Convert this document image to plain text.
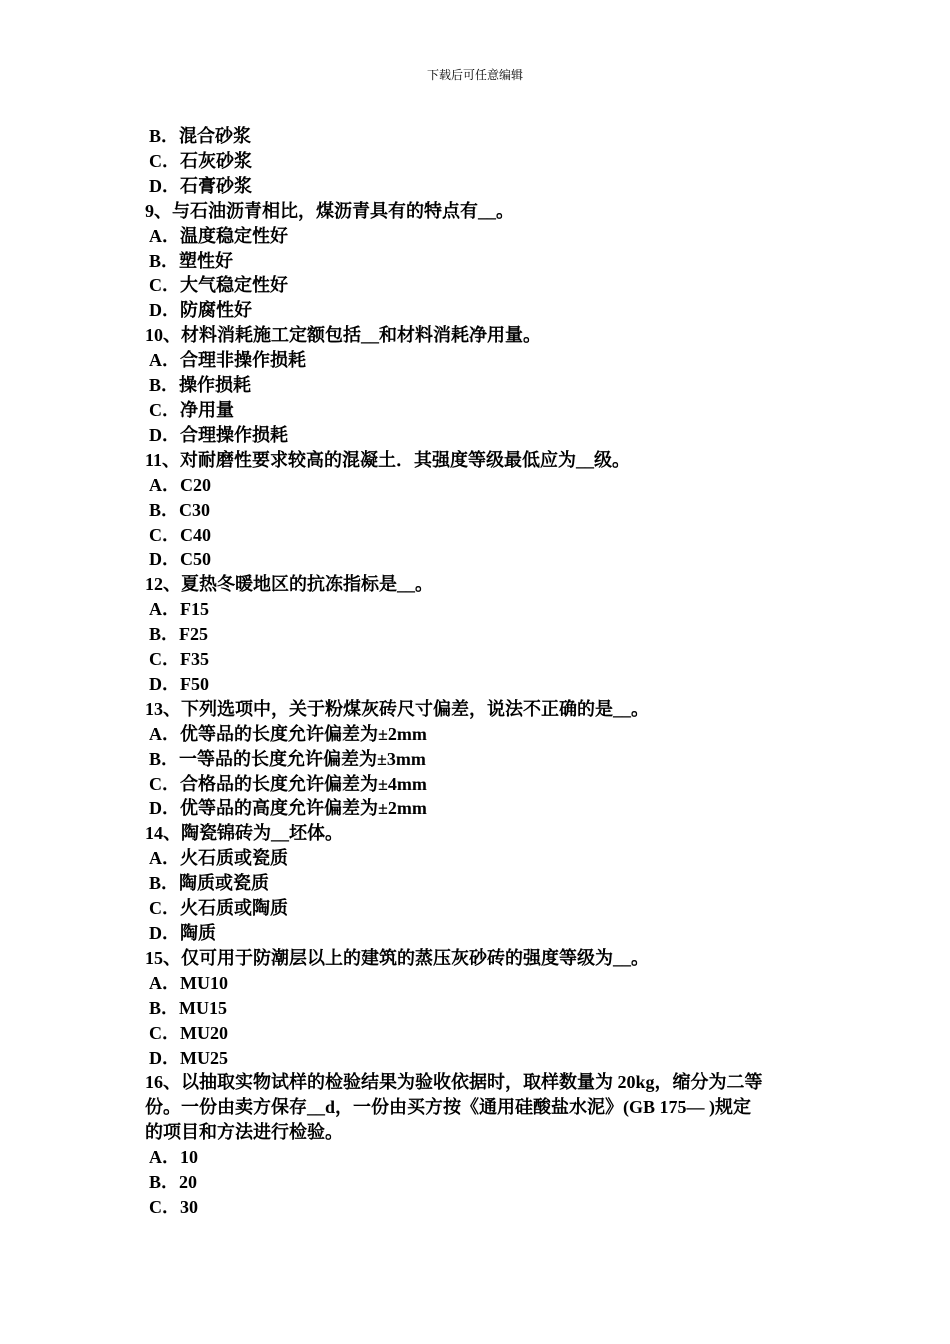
下载后可任意编辑
B．混合砂浆
C．石灰砂浆
D．石膏砂浆
9、与石油沥青相比，煤沥青具有的特点有__。
A．温度稳定性好
B．塑性好
C．大气稳定性好
D．防腐性好
10、材料消耗施工定额包括__和材料消耗净用量。
A．合理非操作损耗
B．操作损耗
C．净用量
D．合理操作损耗
11、对耐磨性要求较高的混凝土．其强度等级最低应为__级。
A．C20
B．C30
C．C40
D．C50
12、夏热冬暖地区的抗冻指标是__。
A．F15
B．F25
C．F35
D．F50
13、下列选项中，关于粉煤灰砖尺寸偏差，说法不正确的是__。
A．优等品的长度允许偏差为±2mm
B．一等品的长度允许偏差为±3mm
C．合格品的长度允许偏差为±4mm
D．优等品的高度允许偏差为±2mm
14、陶瓷锦砖为__坯体。
A．火石质或瓷质
B．陶质或瓷质
C．火石质或陶质
D．陶质
15、仅可用于防潮层以上的建筑的蒸压灰砂砖的强度等级为__。
A．MU10
B．MU15
C．MU20
D．MU25
16、以抽取实物试样的检验结果为验收依据时，取样数量为 20kg，缩分为二等
份。一份由卖方保存__d，一份由买方按《通用硅酸盐水泥》(GB 175— )规定
的项目和方法进行检验。
A．10
B．20
C．30
